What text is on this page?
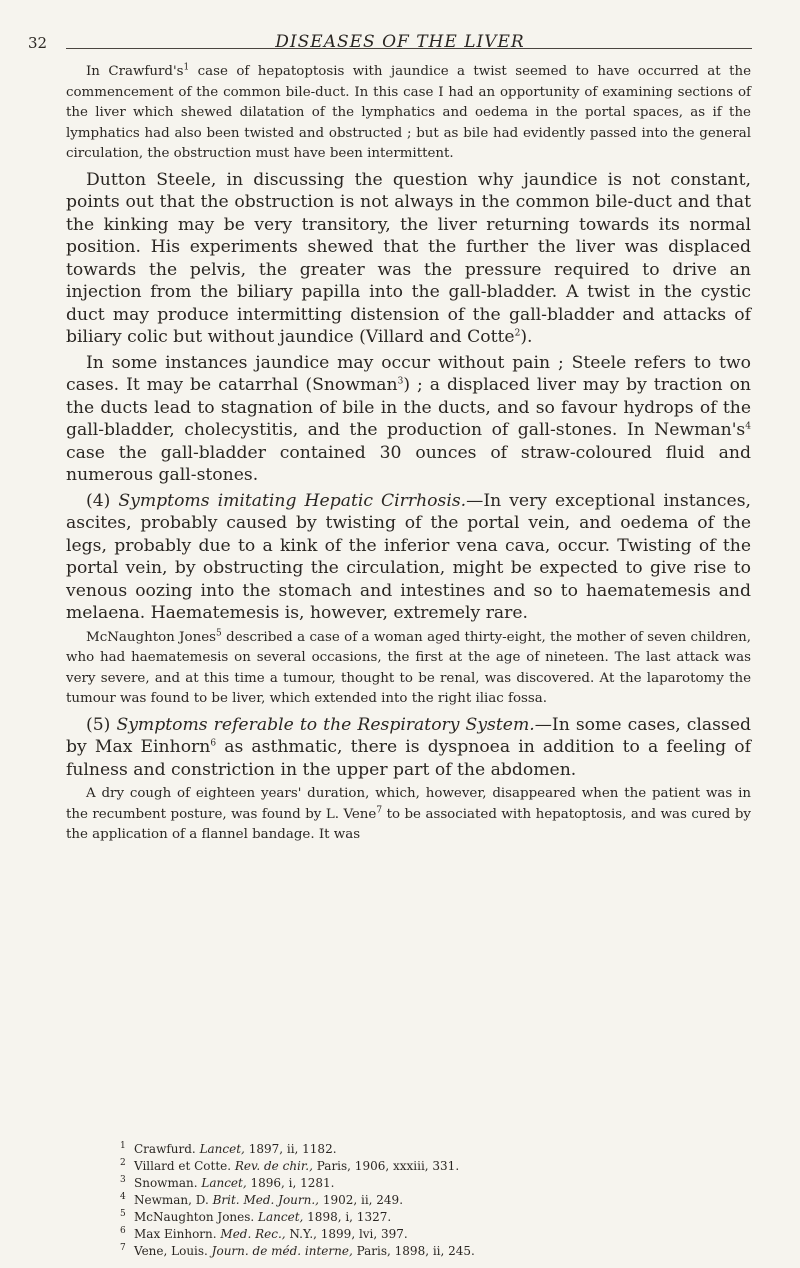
32	DISEASES OF THE LIVER

In $Crawfurd's^1$ case of hepatoptosis with jaundice a twist seemed to have occurred at the commencement of the common bile-duct. In this case I had an opportunity of examining sections of the liver which shewed dilatation of the lymphatics and oedema in the portal spaces, as if the lymphatics had also been twisted and obstructed ; but as bile had evidently passed into the general circulation, the obstruction must have been intermittent.

Dutton Steele, in discussing the question why jaundice is not constant, points out that the obstruction is not always in the common bile-duct and that the kinking may be very transitory, the liver returning towards its normal position. His experiments shewed that the further the liver was displaced towards the pelvis, the greater was the pressure required to drive an injection from the biliary papilla into the gall-bladder. A twist in the cystic duct may produce intermitting distension of the gall-bladder and attacks of biliary colic but without jaundice (Villard and Cotte$^2$).

In some instances jaundice may occur without pain ; Steele refers to two cases. It may be catarrhal (Snowman$^3$) ; a displaced liver may by traction on the ducts lead to stagnation of bile in the ducts, and so favour hydrops of the gall-bladder, cholecystitis, and the production of gall-stones. In $Newman's^4$ case the gall-bladder contained 30 ounces of straw-coloured fluid and numerous gall-stones.

(4) Symptoms imitating Hepatic Cirrhosis.—In very exceptional instances, ascites, probably caused by twisting of the portal vein, and oedema of the legs, probably due to a kink of the inferior vena cava, occur. Twisting of the portal vein, by obstructing the circulation, might be expected to give rise to venous oozing into the stomach and intestines and so to haematemesis and melaena. Haematemesis is, however, extremely rare.

McNaughton Jones$^5$ described a case of a woman aged thirty-eight, the mother of seven children, who had haematemesis on several occasions, the first at the age of nineteen. The last attack was very severe, and at this time a tumour, thought to be renal, was discovered. At the laparotomy the tumour was found to be liver, which extended into the right iliac fossa.

(5) Symptoms referable to the Respiratory System.—In some cases, classed by Max Einhorn$^6$ as asthmatic, there is dyspnoea in addition to a feeling of fulness and constriction in the upper part of the abdomen.

A dry cough of eighteen years' duration, which, however, disappeared when the patient was in the recumbent posture, was found by L. Vene$^7$ to be associated with hepatoptosis, and was cured by the application of a flannel bandage. It was

1 Crawfurd. Lancet, 1897, ii, 1182.
2 Villard et Cotte. Rev. de chir., Paris, 1906, xxxiii, 331.
3 Snowman. Lancet, 1896, i, 1281.
4 Newman, D. Brit. Med. Journ., 1902, ii, 249.
5 McNaughton Jones. Lancet, 1898, i, 1327.
6 Max Einhorn. Med. Rec., N.Y., 1899, lvi, 397.
7 Vene, Louis. Journ. de méd. interne, Paris, 1898, ii, 245.
